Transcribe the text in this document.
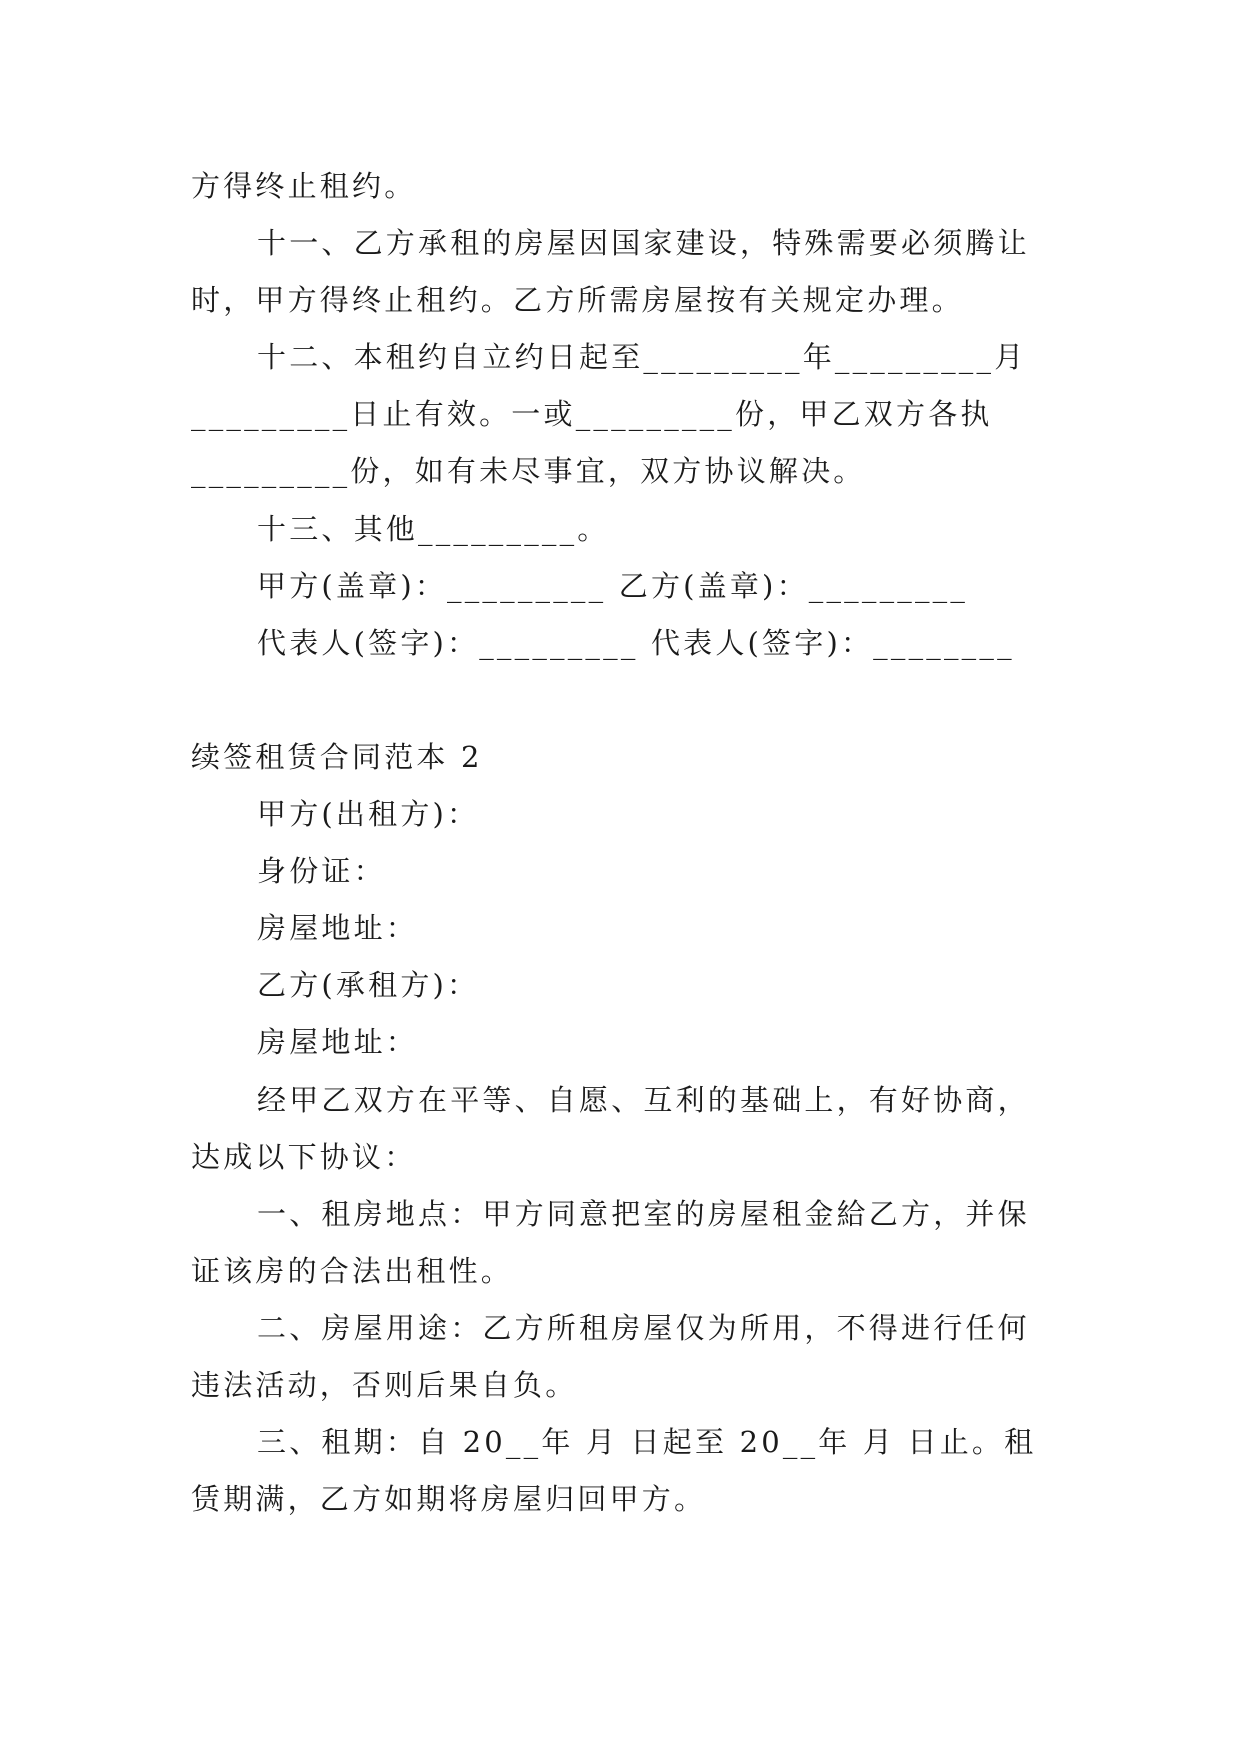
方得终止租约。
十一、乙方承租的房屋因国家建设，特殊需要必须腾让
时，甲方得终止租约。乙方所需房屋按有关规定办理。
十二、本租约自立约日起至_________年_________月
_________日止有效。一或_________份，甲乙双方各执
_________份，如有未尽事宜，双方协议解决。
十三、其他_________。
甲方(盖章)：_________ 乙方(盖章)：_________
代表人(签字)：_________ 代表人(签字)：________
续签租赁合同范本 2
甲方(出租方)：
身份证：
房屋地址：
乙方(承租方)：
房屋地址：
经甲乙双方在平等、自愿、互利的基础上，有好协商，
达成以下协议：
一、租房地点：甲方同意把室的房屋租金給乙方，并保
证该房的合法出租性。
二、房屋用途：乙方所租房屋仅为所用，不得进行任何
违法活动，否则后果自负。
三、租期：自 20__年 月 日起至 20__年 月 日止。租
赁期满，乙方如期将房屋归回甲方。
